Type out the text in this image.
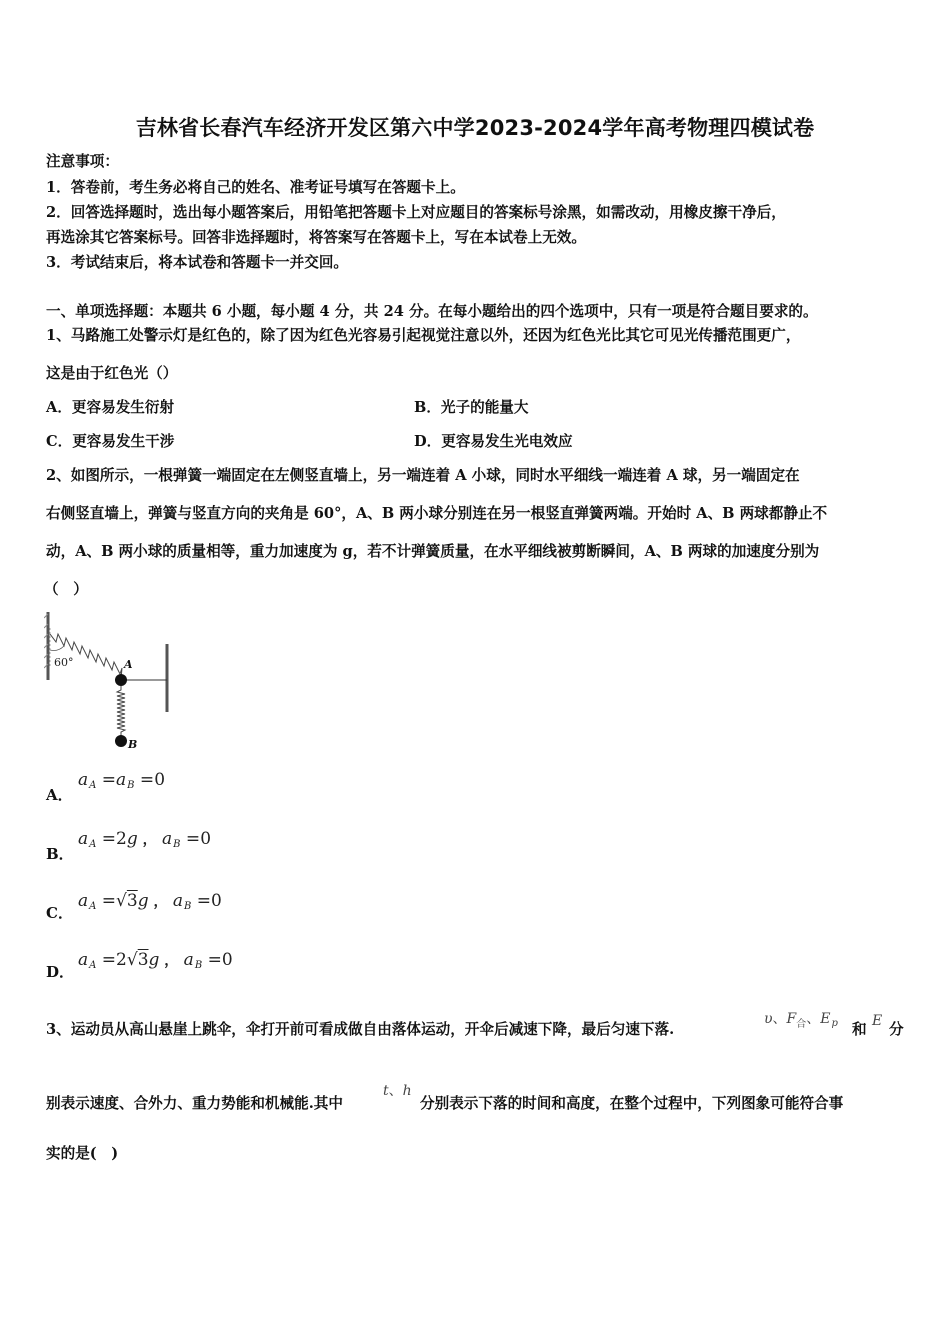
吉林省长春汽车经济开发区第六中学2023-2024学年高考物理四模试卷
注意事项：
1．答卷前，考生务必将自己的姓名、准考证号填写在答题卡上。
2．回答选择题时，选出每小题答案后，用铅笔把答题卡上对应题目的答案标号涂黑，如需改动，用橡皮擦干净后，
再选涂其它答案标号。回答非选择题时，将答案写在答题卡上，写在本试卷上无效。
3．考试结束后，将本试卷和答题卡一并交回。
一、单项选择题：本题共 6 小题，每小题 4 分，共 24 分。在每小题给出的四个选项中，只有一项是符合题目要求的。
1、马路施工处警示灯是红色的，除了因为红色光容易引起视觉注意以外，还因为红色光比其它可见光传播范围更广，
这是由于红色光（）
A．更容易发生衍射	B．光子的能量大
C．更容易发生干涉	D．更容易发生光电效应
2、如图所示，一根弹簧一端固定在左侧竖直墙上，另一端连着 A 小球，同时水平细线一端连着 A 球，另一端固定在
右侧竖直墙上，弹簧与竖直方向的夹角是 60°，A、B 两小球分别连在另一根竖直弹簧两端。开始时 A、B 两球都静止不
动，A、B 两小球的质量相等，重力加速度为 g，若不计弹簧质量，在水平细线被剪断瞬间，A、B 两球的加速度分别为
（　）
60°	A
B
A．
$a_A =a_B =0$
B．
$a_A =2g$ ， $a_B =0$
C．
$a_A =√3g$ ， $a_B =0$
D．
$a_A =2√3g$ ， $a_B =0$
3、运动员从高山悬崖上跳伞，伞打开前可看成做自由落体运动，开伞后减速下降，最后匀速下落.
υ、$F_合$、$E_p$ 和 E 分
别表示速度、合外力、重力势能和机械能.其中
t、h
分别表示下落的时间和高度，在整个过程中，下列图象可能符合事
实的是(　)
